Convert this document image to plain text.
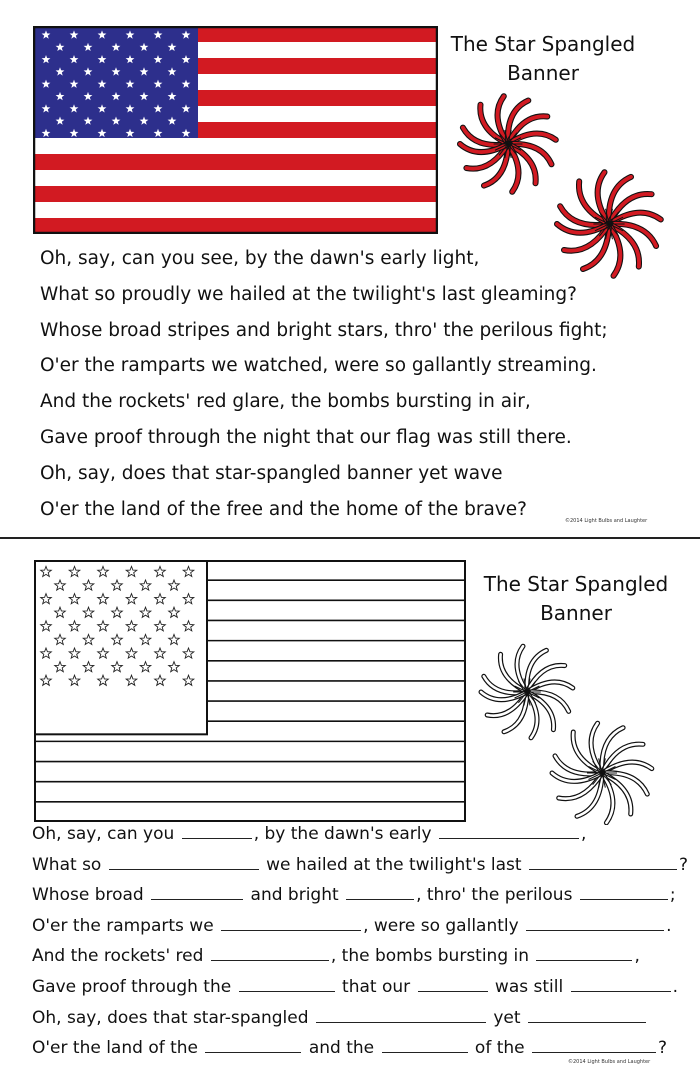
The Star Spangled
Banner
Oh, say, can you see, by the dawn's early light,
What so proudly we hailed at the twilight's last gleaming?
Whose broad stripes and bright stars, thro' the perilous fight;
O'er the ramparts we watched, were so gallantly streaming.
And the rockets' red glare, the bombs bursting in air,
Gave proof through the night that our flag was still there.
Oh, say, does that star-spangled banner yet wave
O'er the land of the free and the home of the brave?
©2014 Light Bulbs and Laughter
The Star Spangled
Banner
Oh, say, can you	, by the dawn's early	,
What so	we hailed at the twilight's last	?
Whose broad	and bright	, thro' the perilous	;
O'er the ramparts we	, were so gallantly	.
And the rockets' red	, the bombs bursting in	,
Gave proof through the	that our	was still	.
Oh, say, does that star-spangled	yet
O'er the land of the	and the	of the	?
©2014 Light Bulbs and Laughter
